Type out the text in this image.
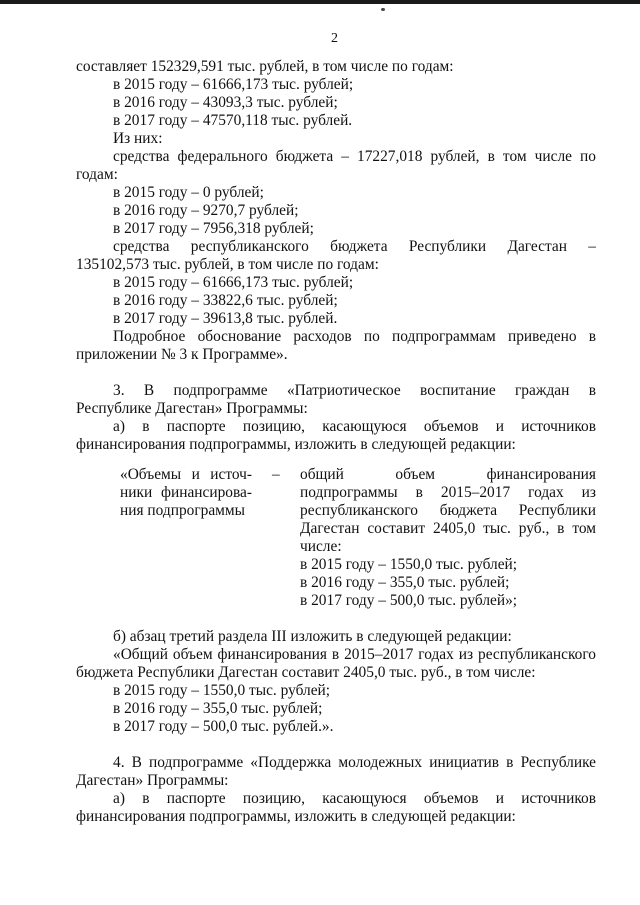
2
составляет 152329,591 тыс. рублей, в том числе по годам:
в 2015 году – 61666,173 тыс. рублей;
в 2016 году – 43093,3 тыс. рублей;
в 2017 году – 47570,118 тыс. рублей.
Из них:
средства федерального бюджета – 17227,018 рублей, в том числе по
годам:
в 2015 году – 0 рублей;
в 2016 году – 9270,7 рублей;
в 2017 году – 7956,318 рублей;
средства республиканского бюджета Республики Дагестан –
135102,573 тыс. рублей, в том числе по годам:
в 2015 году – 61666,173 тыс. рублей;
в 2016 году – 33822,6 тыс. рублей;
в 2017 году – 39613,8 тыс. рублей.
Подробное обоснование расходов по подпрограммам приведено в
приложении № 3 к Программе».
3. В подпрограмме «Патриотическое воспитание граждан в
Республике Дагестан» Программы:
а) в паспорте позицию, касающуюся объемов и источников
финансирования подпрограммы, изложить в следующей редакции:
«Объемы и источ-
ники финансирова-
ния подпрограммы
– общий объем финансирования
подпрограммы в 2015–2017 годах из
республиканского бюджета Республики
Дагестан составит 2405,0 тыс. руб., в том
числе:
в 2015 году – 1550,0 тыс. рублей;
в 2016 году – 355,0 тыс. рублей;
в 2017 году – 500,0 тыс. рублей»;
б) абзац третий раздела III изложить в следующей редакции:
«Общий объем финансирования в 2015–2017 годах из республиканского
бюджета Республики Дагестан составит 2405,0 тыс. руб., в том числе:
в 2015 году – 1550,0 тыс. рублей;
в 2016 году – 355,0 тыс. рублей;
в 2017 году – 500,0 тыс. рублей.».
4. В подпрограмме «Поддержка молодежных инициатив в Республике
Дагестан» Программы:
а) в паспорте позицию, касающуюся объемов и источников
финансирования подпрограммы, изложить в следующей редакции:
